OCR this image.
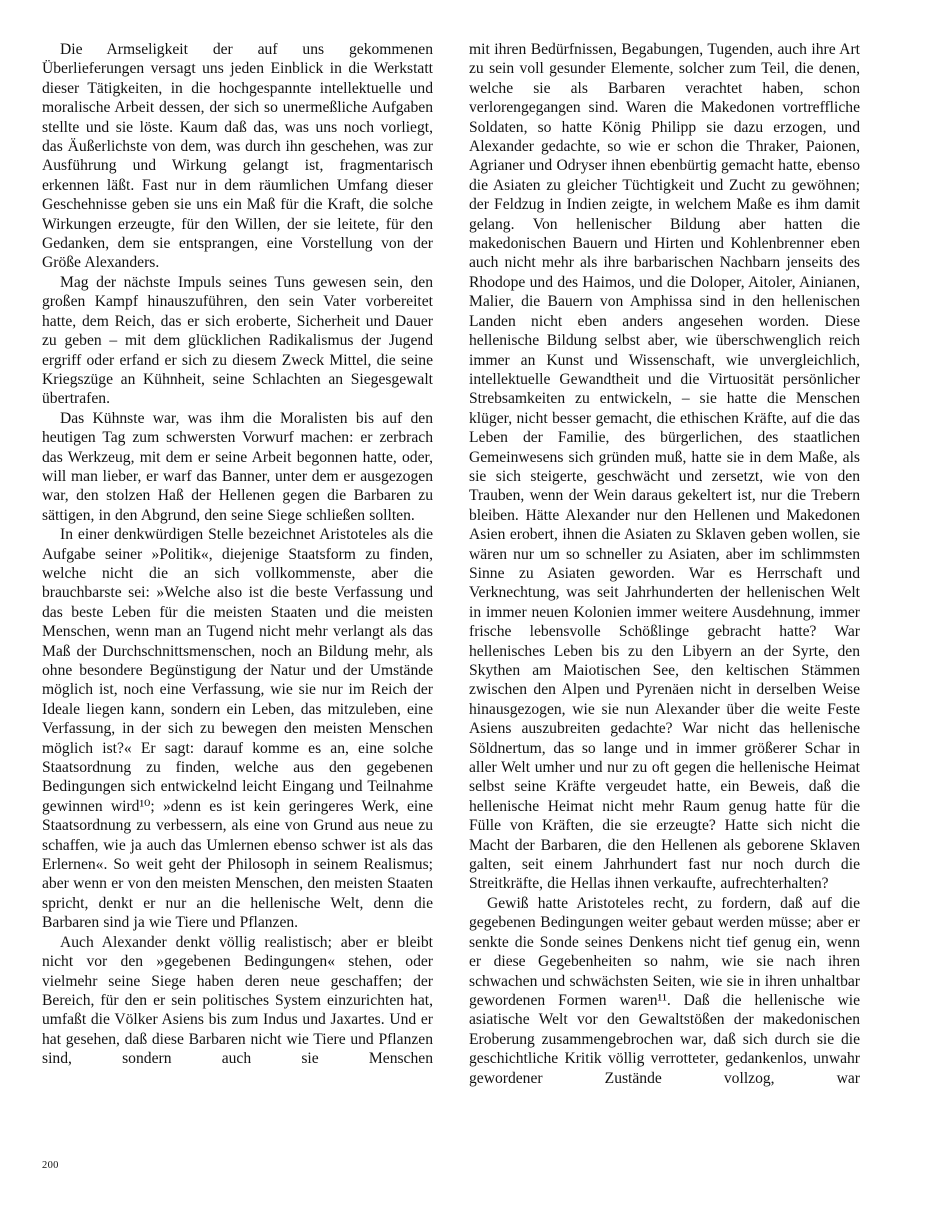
Die Armseligkeit der auf uns gekommenen Überlieferungen versagt uns jeden Einblick in die Werkstatt dieser Tätigkeiten, in die hochgespannte intellektuelle und moralische Arbeit dessen, der sich so unermeßliche Aufgaben stellte und sie löste. Kaum daß das, was uns noch vorliegt, das Äußerlichste von dem, was durch ihn geschehen, was zur Ausführung und Wirkung gelangt ist, fragmentarisch erkennen läßt. Fast nur in dem räumlichen Umfang dieser Geschehnisse geben sie uns ein Maß für die Kraft, die solche Wirkungen erzeugte, für den Willen, der sie leitete, für den Gedanken, dem sie entsprangen, eine Vorstellung von der Größe Alexanders.

Mag der nächste Impuls seines Tuns gewesen sein, den großen Kampf hinauszuführen, den sein Vater vorbereitet hatte, dem Reich, das er sich eroberte, Sicherheit und Dauer zu geben – mit dem glücklichen Radikalismus der Jugend ergriff oder erfand er sich zu diesem Zweck Mittel, die seine Kriegszüge an Kühnheit, seine Schlachten an Siegesgewalt übertrafen.

Das Kühnste war, was ihm die Moralisten bis auf den heutigen Tag zum schwersten Vorwurf machen: er zerbrach das Werkzeug, mit dem er seine Arbeit begonnen hatte, oder, will man lieber, er warf das Banner, unter dem er ausgezogen war, den stolzen Haß der Hellenen gegen die Barbaren zu sättigen, in den Abgrund, den seine Siege schließen sollten.

In einer denkwürdigen Stelle bezeichnet Aristoteles als die Aufgabe seiner »Politik«, diejenige Staatsform zu finden, welche nicht die an sich vollkommenste, aber die brauchbarste sei: »Welche also ist die beste Verfassung und das beste Leben für die meisten Staaten und die meisten Menschen, wenn man an Tugend nicht mehr verlangt als das Maß der Durchschnittsmenschen, noch an Bildung mehr, als ohne besondere Begünstigung der Natur und der Umstände möglich ist, noch eine Verfassung, wie sie nur im Reich der Ideale liegen kann, sondern ein Leben, das mitzuleben, eine Verfassung, in der sich zu bewegen den meisten Menschen möglich ist?« Er sagt: darauf komme es an, eine solche Staatsordnung zu finden, welche aus den gegebenen Bedingungen sich entwickelnd leicht Eingang und Teilnahme gewinnen wird¹⁰; »denn es ist kein geringeres Werk, eine Staatsordnung zu verbessern, als eine von Grund aus neue zu schaffen, wie ja auch das Umlernen ebenso schwer ist als das Erlernen«. So weit geht der Philosoph in seinem Realismus; aber wenn er von den meisten Menschen, den meisten Staaten spricht, denkt er nur an die hellenische Welt, denn die Barbaren sind ja wie Tiere und Pflanzen.

Auch Alexander denkt völlig realistisch; aber er bleibt nicht vor den »gegebenen Bedingungen« stehen, oder vielmehr seine Siege haben deren neue geschaffen; der Bereich, für den er sein politisches System einzurichten hat, umfaßt die Völker Asiens bis zum Indus und Jaxartes. Und er hat gesehen, daß diese Barbaren nicht wie Tiere und Pflanzen sind, sondern auch sie Menschen

mit ihren Bedürfnissen, Begabungen, Tugenden, auch ihre Art zu sein voll gesunder Elemente, solcher zum Teil, die denen, welche sie als Barbaren verachtet haben, schon verlorengegangen sind. Waren die Makedonen vortreffliche Soldaten, so hatte König Philipp sie dazu erzogen, und Alexander gedachte, so wie er schon die Thraker, Paionen, Agrianer und Odryser ihnen ebenbürtig gemacht hatte, ebenso die Asiaten zu gleicher Tüchtigkeit und Zucht zu gewöhnen; der Feldzug in Indien zeigte, in welchem Maße es ihm damit gelang. Von hellenischer Bildung aber hatten die makedonischen Bauern und Hirten und Kohlenbrenner eben auch nicht mehr als ihre barbarischen Nachbarn jenseits des Rhodope und des Haimos, und die Doloper, Aitoler, Ainianen, Malier, die Bauern von Amphissa sind in den hellenischen Landen nicht eben anders angesehen worden. Diese hellenische Bildung selbst aber, wie überschwenglich reich immer an Kunst und Wissenschaft, wie unvergleichlich, intellektuelle Gewandtheit und die Virtuosität persönlicher Strebsamkeiten zu entwickeln, – sie hatte die Menschen klüger, nicht besser gemacht, die ethischen Kräfte, auf die das Leben der Familie, des bürgerlichen, des staatlichen Gemeinwesens sich gründen muß, hatte sie in dem Maße, als sie sich steigerte, geschwächt und zersetzt, wie von den Trauben, wenn der Wein daraus gekeltert ist, nur die Trebern bleiben. Hätte Alexander nur den Hellenen und Makedonen Asien erobert, ihnen die Asiaten zu Sklaven geben wollen, sie wären nur um so schneller zu Asiaten, aber im schlimmsten Sinne zu Asiaten geworden. War es Herrschaft und Verknechtung, was seit Jahrhunderten der hellenischen Welt in immer neuen Kolonien immer weitere Ausdehnung, immer frische lebensvolle Schößlinge gebracht hatte? War hellenisches Leben bis zu den Libyern an der Syrte, den Skythen am Maiotischen See, den keltischen Stämmen zwischen den Alpen und Pyrenäen nicht in derselben Weise hinausgezogen, wie sie nun Alexander über die weite Feste Asiens auszubreiten gedachte? War nicht das hellenische Söldnertum, das so lange und in immer größerer Schar in aller Welt umher und nur zu oft gegen die hellenische Heimat selbst seine Kräfte vergeudet hatte, ein Beweis, daß die hellenische Heimat nicht mehr Raum genug hatte für die Fülle von Kräften, die sie erzeugte? Hatte sich nicht die Macht der Barbaren, die den Hellenen als geborene Sklaven galten, seit einem Jahrhundert fast nur noch durch die Streitkräfte, die Hellas ihnen verkaufte, aufrechterhalten?

Gewiß hatte Aristoteles recht, zu fordern, daß auf die gegebenen Bedingungen weiter gebaut werden müsse; aber er senkte die Sonde seines Denkens nicht tief genug ein, wenn er diese Gegebenheiten so nahm, wie sie nach ihren schwachen und schwächsten Seiten, wie sie in ihren unhaltbar gewordenen Formen waren¹¹. Daß die hellenische wie asiatische Welt vor den Gewaltstößen der makedonischen Eroberung zusammengebrochen war, daß sich durch sie die geschichtliche Kritik völlig verrotteter, gedankenlos, unwahr gewordener Zustände vollzog, war

200
